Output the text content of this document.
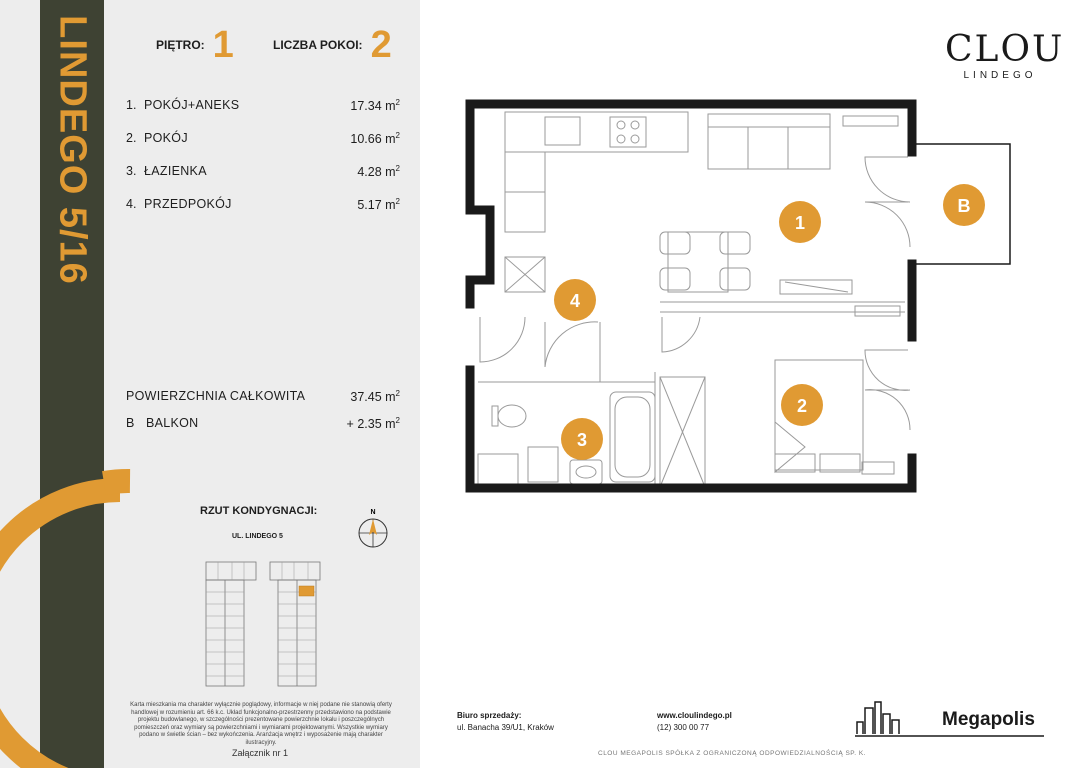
LINDEGO 5/16	PIĘTRO: 1	LICZBA POKOI: 2
1. POKÓJ+ANEKS	17.34 $m^2$
2. POKÓJ	10.66 $m^2$
3. ŁAZIENKA	4.28 $m^2$
4. PRZEDPOKÓJ	5.17 $m^2$
POWIERZCHNIA CAŁKOWITA	37.45 $m^2$
B BALKON	+ 2.35 $m^2$
RZUT KONDYGNACJI:
UL. LINDEGO 5
N
Karta mieszkania ma charakter wyłącznie poglądowy, informacje w niej podane nie stanowią oferty handlowej w rozumieniu art. 66 k.c. Układ funkcjonalno-przestrzenny przedstawiono na podstawie projektu budowlanego, w szczególności prezentowane powierzchnie lokalu i poszczególnych pomieszczeń oraz wymiary są powierzchniami i wymiarami projektowanymi. Wszystkie wymiary podano w świetle ścian – bez wykończenia. Aranżacja wnętrz i wyposażenie mają charakter ilustracyjny.
Załącznik nr 1
CLOU
LINDEGO
1
2
3
4
B
Biuro sprzedaży:
ul. Banacha 39/U1, Kraków
www.cloulindego.pl
(12) 300 00 77	Megapolis
CLOU MEGAPOLIS SPÓŁKA Z OGRANICZONĄ ODPOWIEDZIALNOŚCIĄ SP. K.
